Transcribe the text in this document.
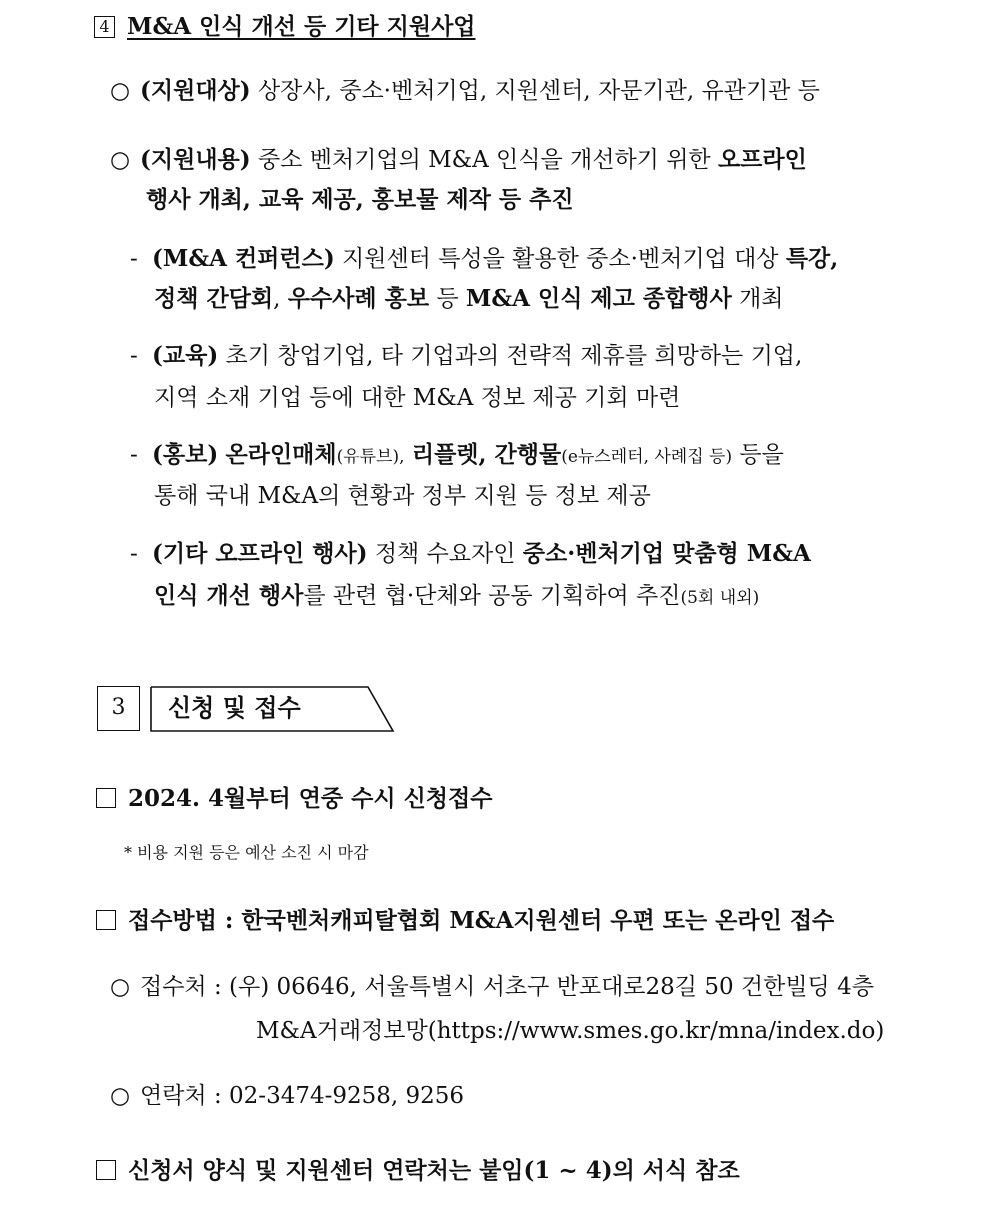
4 M&A 인식 개선 등 기타 지원사업
○ (지원대상) 상장사, 중소·벤처기업, 지원센터, 자문기관, 유관기관 등
○ (지원내용) 중소 벤처기업의 M&A 인식을 개선하기 위한 오프라인
행사 개최, 교육 제공, 홍보물 제작 등 추진
- (M&A 컨퍼런스) 지원센터 특성을 활용한 중소·벤처기업 대상 특강,
정책 간담회, 우수사례 홍보 등 M&A 인식 제고 종합행사 개최
- (교육) 초기 창업기업, 타 기업과의 전략적 제휴를 희망하는 기업,
지역 소재 기업 등에 대한 M&A 정보 제공 기회 마련
- (홍보) 온라인매체(유튜브), 리플렛, 간행물(e뉴스레터, 사례집 등) 등을
통해 국내 M&A의 현황과 정부 지원 등 정보 제공
- (기타 오프라인 행사) 정책 수요자인 중소·벤처기업 맞춤형 M&A
인식 개선 행사를 관련 협·단체와 공동 기획하여 추진(5회 내외)
3	신청 및 접수
2024. 4월부터 연중 수시 신청접수
* 비용 지원 등은 예산 소진 시 마감
접수방법 : 한국벤처캐피탈협회 M&A지원센터 우편 또는 온라인 접수
○ 접수처 : (우) 06646, 서울특별시 서초구 반포대로28길 50 건한빌딩 4층
M&A거래정보망(https://www.smes.go.kr/mna/index.do)
○ 연락처 : 02-3474-9258, 9256
신청서 양식 및 지원센터 연락처는 붙임(1 ~ 4)의 서식 참조
